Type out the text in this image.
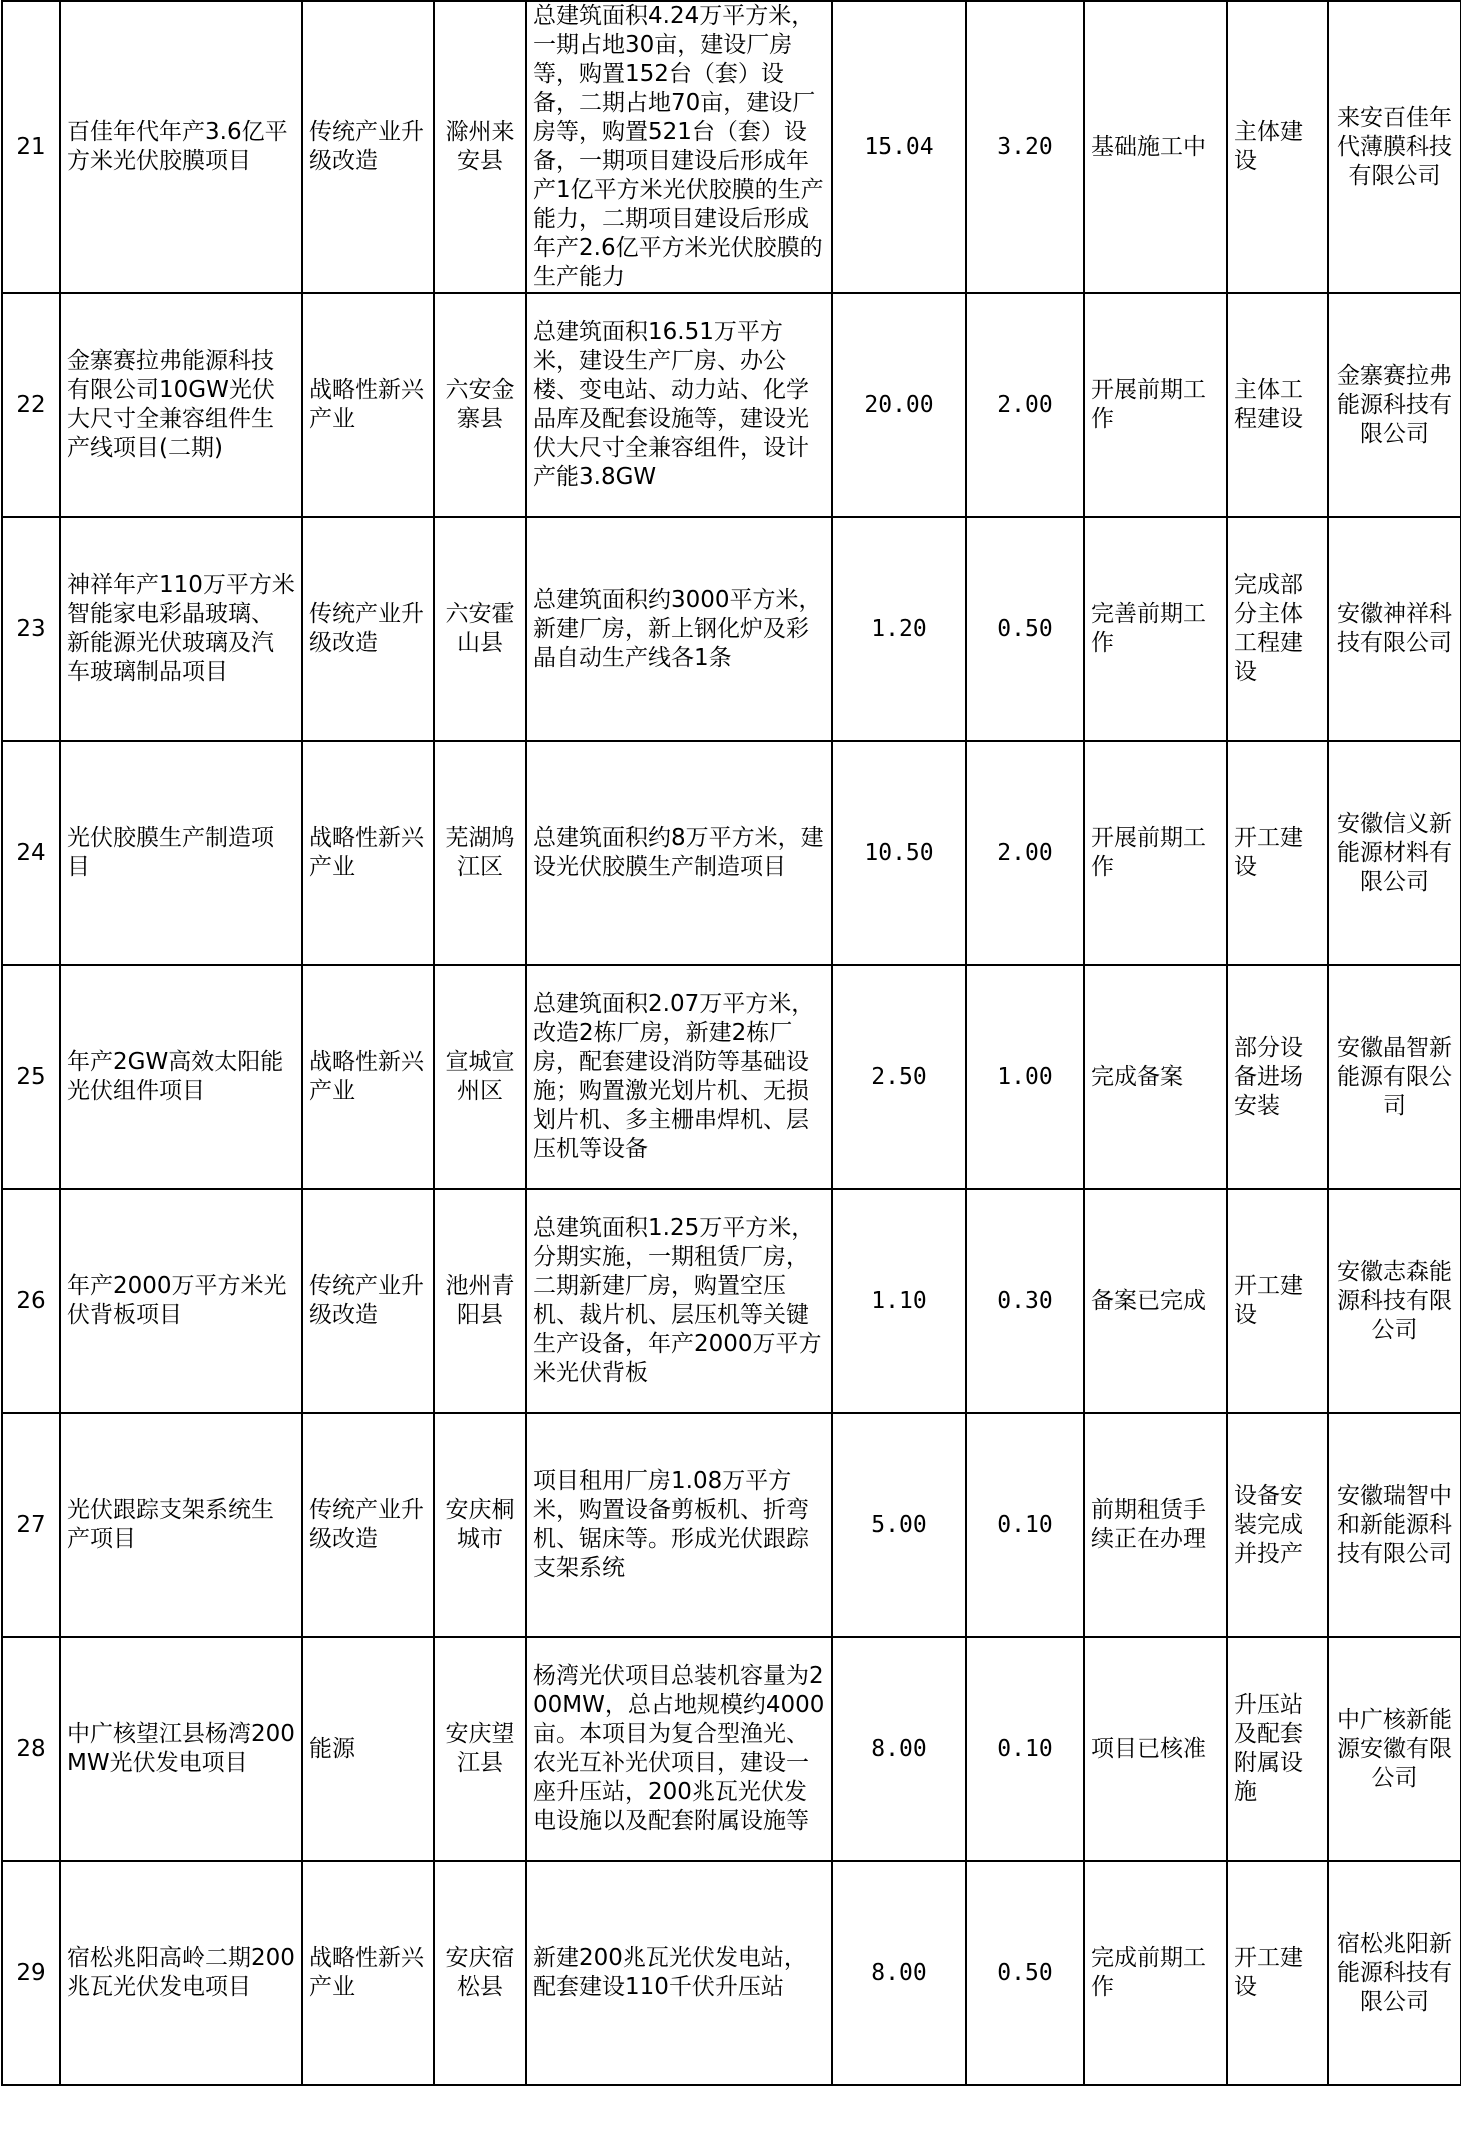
21	百佳年代年产3.6亿平方米光伏胶膜项目	传统产业升级改造	滁州来安县	总建筑面积4.24万平方米，一期占地30亩，建设厂房等，购置152台（套）设备，二期占地70亩，建设厂房等，购置521台（套）设备，一期项目建设后形成年产1亿平方米光伏胶膜的生产能力，二期项目建设后形成年产2.6亿平方米光伏胶膜的生产能力	15.04	3.20	基础施工中	主体建设	来安百佳年代薄膜科技有限公司
22	金寨赛拉弗能源科技有限公司10GW光伏大尺寸全兼容组件生产线项目(二期)	战略性新兴产业	六安金寨县	总建筑面积16.51万平方米，建设生产厂房、办公楼、变电站、动力站、化学品库及配套设施等，建设光伏大尺寸全兼容组件，设计产能3.8GW	20.00	2.00	开展前期工作	主体工程建设	金寨赛拉弗能源科技有限公司
23	神祥年产110万平方米智能家电彩晶玻璃、新能源光伏玻璃及汽车玻璃制品项目	传统产业升级改造	六安霍山县	总建筑面积约3000平方米，新建厂房，新上钢化炉及彩晶自动生产线各1条	1.20	0.50	完善前期工作	完成部分主体工程建设	安徽神祥科技有限公司
24	光伏胶膜生产制造项目	战略性新兴产业	芜湖鸠江区	总建筑面积约8万平方米，建设光伏胶膜生产制造项目	10.50	2.00	开展前期工作	开工建设	安徽信义新能源材料有限公司
25	年产2GW高效太阳能光伏组件项目	战略性新兴产业	宣城宣州区	总建筑面积2.07万平方米，改造2栋厂房，新建2栋厂房，配套建设消防等基础设施；购置激光划片机、无损划片机、多主栅串焊机、层压机等设备	2.50	1.00	完成备案	部分设备进场安装	安徽晶智新能源有限公司
26	年产2000万平方米光伏背板项目	传统产业升级改造	池州青阳县	总建筑面积1.25万平方米，分期实施，一期租赁厂房，二期新建厂房，购置空压机、裁片机、层压机等关键生产设备，年产2000万平方米光伏背板	1.10	0.30	备案已完成	开工建设	安徽志森能源科技有限公司
27	光伏跟踪支架系统生产项目	传统产业升级改造	安庆桐城市	项目租用厂房1.08万平方米，购置设备剪板机、折弯机、锯床等。形成光伏跟踪支架系统	5.00	0.10	前期租赁手续正在办理	设备安装完成并投产	安徽瑞智中和新能源科技有限公司
28	中广核望江县杨湾200MW光伏发电项目	能源	安庆望江县	杨湾光伏项目总装机容量为200MW，总占地规模约4000亩。本项目为复合型渔光、农光互补光伏项目，建设一座升压站，200兆瓦光伏发电设施以及配套附属设施等	8.00	0.10	项目已核准	升压站及配套附属设施	中广核新能源安徽有限公司
29	宿松兆阳高岭二期200兆瓦光伏发电项目	战略性新兴产业	安庆宿松县	新建200兆瓦光伏发电站，配套建设110千伏升压站	8.00	0.50	完成前期工作	开工建设	宿松兆阳新能源科技有限公司
